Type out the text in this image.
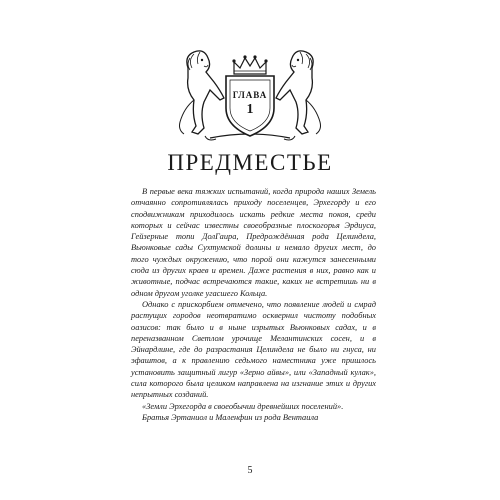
ГЛАВА
1
ПРЕДМЕСТЬЕ

В первые века тяжких испытаний, когда природа наших Земель отчаянно сопротивлялась приходу поселенцев, Эрхегорду и его сподвижникам приходилось искать редкие места покоя, среди которых и сейчас известны своеобразные плоскогорья Эрдиуса, Гейзерные топи ДолГаира, Предрождённая рода Целиндела, Вьюнковые сады Сухтумской долины и немало других мест, до того чуждых окружению, что порой они кажутся занесенными сюда из других краев и времен. Даже растения в них, равно как и животные, подчас встречаются такие, каких не встретишь ни в одном другом уголке угасшего Кольца.

Однако с прискорбием отмечено, что появление людей и смрад растущих городов неотвратимо осквернил чистоту подобных оазисов: так было и в ныне изрытых Вьюнковых садах, и в переназванном Светлом урочище Мелантинских сосен, и в Эйнардлине, где до разрастания Целиндела не было ни гнуса, ни эфаштов, а к правлению седьмого наместника уже пришлось установить защитный лигур «Зерно айвы», или «Западный кулак», сила которого была целиком направлена на изгнание этих и других непрытных созданий.

«Земли Эрхегорда в своеобычии древнейших поселений».

Братья Эртаниол и Маленфин из рода Вентаила

5
